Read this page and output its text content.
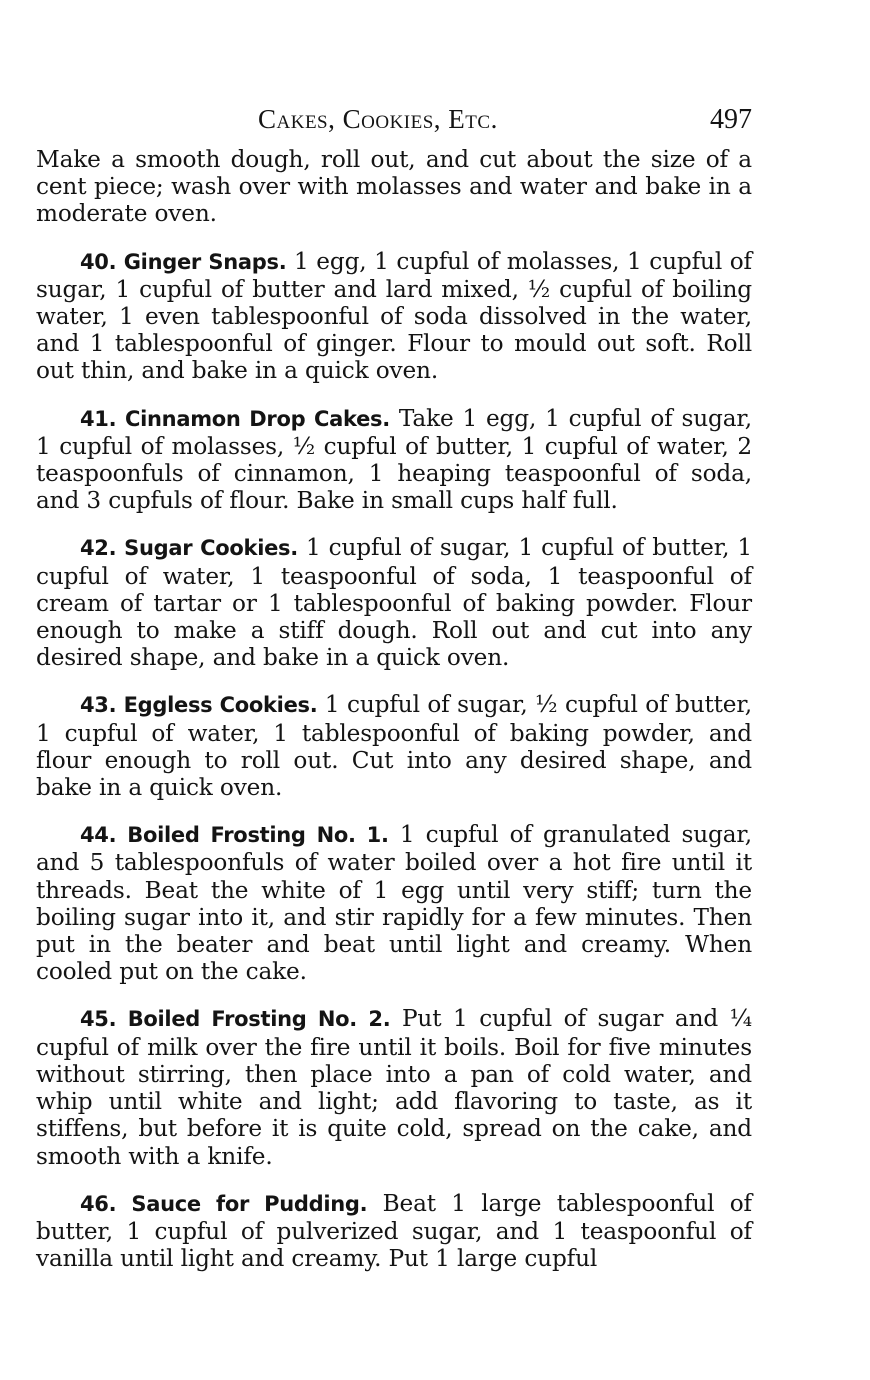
Cakes, Cookies, Etc.	497

Make a smooth dough, roll out, and cut about the size of a cent piece; wash over with molasses and water and bake in a moderate oven.

40. Ginger Snaps. 1 egg, 1 cupful of molasses, 1 cupful of sugar, 1 cupful of butter and lard mixed, ½ cupful of boiling water, 1 even tablespoonful of soda dissolved in the water, and 1 tablespoonful of ginger. Flour to mould out soft. Roll out thin, and bake in a quick oven.

41. Cinnamon Drop Cakes. Take 1 egg, 1 cupful of sugar, 1 cupful of molasses, ½ cupful of butter, 1 cupful of water, 2 teaspoonfuls of cinnamon, 1 heaping teaspoonful of soda, and 3 cupfuls of flour. Bake in small cups half full.

42. Sugar Cookies. 1 cupful of sugar, 1 cupful of butter, 1 cupful of water, 1 teaspoonful of soda, 1 teaspoonful of cream of tartar or 1 tablespoonful of baking powder. Flour enough to make a stiff dough. Roll out and cut into any desired shape, and bake in a quick oven.

43. Eggless Cookies. 1 cupful of sugar, ½ cupful of butter, 1 cupful of water, 1 tablespoonful of baking powder, and flour enough to roll out. Cut into any desired shape, and bake in a quick oven.

44. Boiled Frosting No. 1. 1 cupful of granulated sugar, and 5 tablespoonfuls of water boiled over a hot fire until it threads. Beat the white of 1 egg until very stiff; turn the boiling sugar into it, and stir rapidly for a few minutes. Then put in the beater and beat until light and creamy. When cooled put on the cake.

45. Boiled Frosting No. 2. Put 1 cupful of sugar and ¼ cupful of milk over the fire until it boils. Boil for five minutes without stirring, then place into a pan of cold water, and whip until white and light; add flavoring to taste, as it stiffens, but before it is quite cold, spread on the cake, and smooth with a knife.

46. Sauce for Pudding. Beat 1 large tablespoonful of butter, 1 cupful of pulverized sugar, and 1 teaspoonful of vanilla until light and creamy. Put 1 large cupful
